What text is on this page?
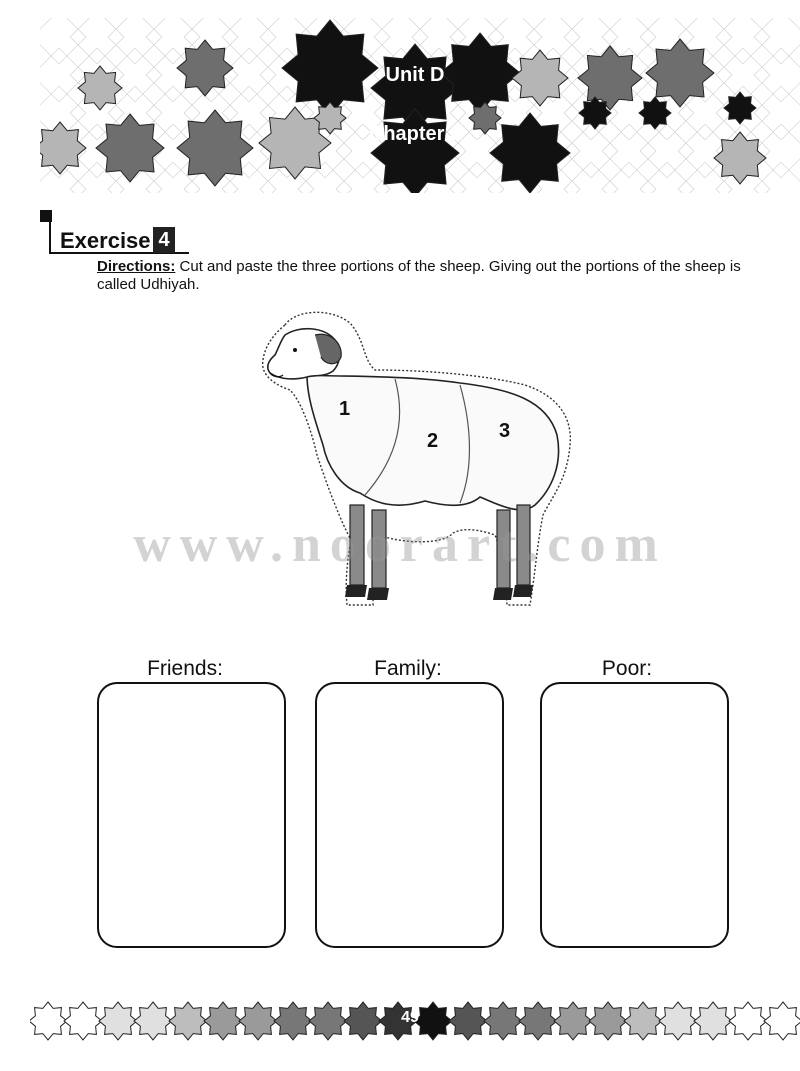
Unit D
Chapter 3
Exercise 4
Directions: Cut and paste the three portions of the sheep. Giving out the portions of the sheep is called Udhiyah.
1
2	3
www.noorart.com
Friends:	Family:	Poor:
49
